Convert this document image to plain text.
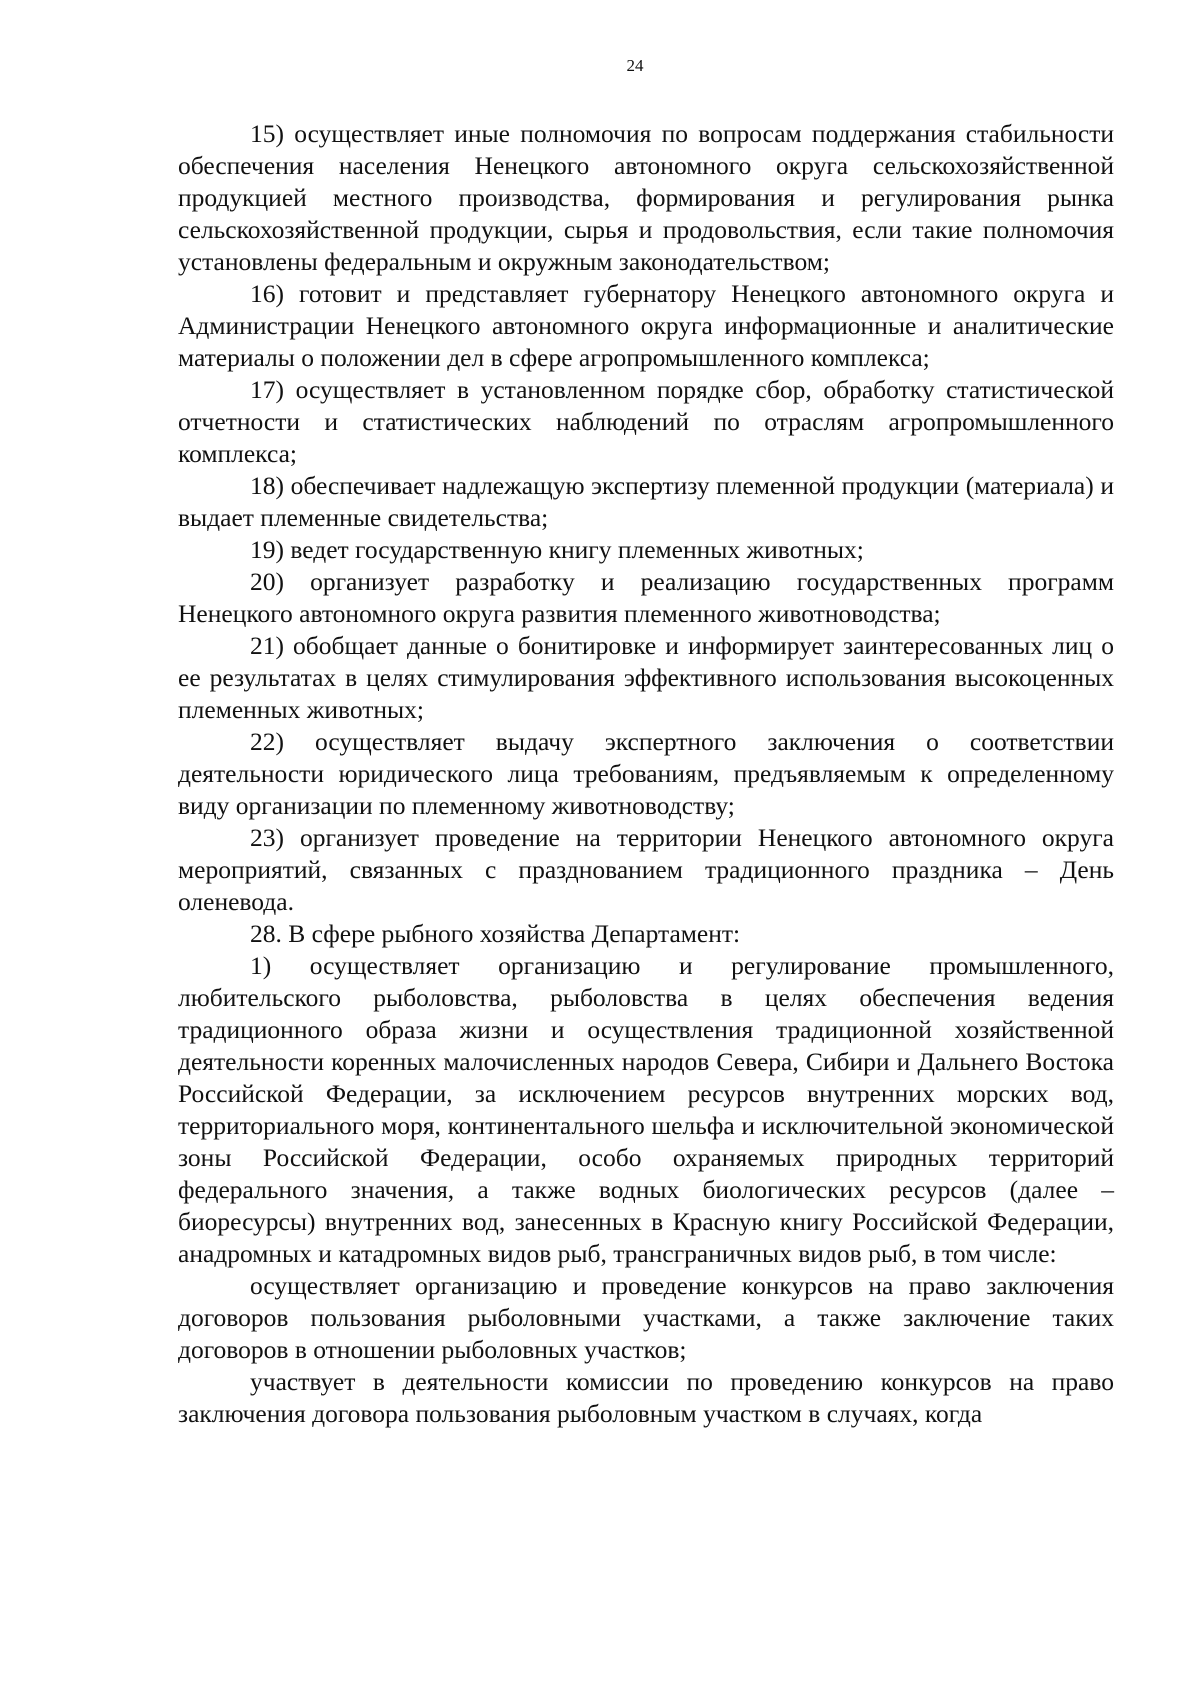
24

15) осуществляет иные полномочия по вопросам поддержания стабильности обеспечения населения Ненецкого автономного округа сельскохозяйственной продукцией местного производства, формирования и регулирования рынка сельскохозяйственной продукции, сырья и продовольствия, если такие полномочия установлены федеральным и окружным законодательством;

16) готовит и представляет губернатору Ненецкого автономного округа и Администрации Ненецкого автономного округа информационные и аналитические материалы о положении дел в сфере агропромышленного комплекса;

17) осуществляет в установленном порядке сбор, обработку статистической отчетности и статистических наблюдений по отраслям агропромышленного комплекса;

18) обеспечивает надлежащую экспертизу племенной продукции (материала) и выдает племенные свидетельства;

19) ведет государственную книгу племенных животных;

20) организует разработку и реализацию государственных программ Ненецкого автономного округа развития племенного животноводства;

21) обобщает данные о бонитировке и информирует заинтересованных лиц о ее результатах в целях стимулирования эффективного использования высокоценных племенных животных;

22) осуществляет выдачу экспертного заключения о соответствии деятельности юридического лица требованиям, предъявляемым к определенному виду организации по племенному животноводству;

23) организует проведение на территории Ненецкого автономного округа мероприятий, связанных с празднованием традиционного праздника – День оленевода.

28. В сфере рыбного хозяйства Департамент:

1) осуществляет организацию и регулирование промышленного, любительского рыболовства, рыболовства в целях обеспечения ведения традиционного образа жизни и осуществления традиционной хозяйственной деятельности коренных малочисленных народов Севера, Сибири и Дальнего Востока Российской Федерации, за исключением ресурсов внутренних морских вод, территориального моря, континентального шельфа и исключительной экономической зоны Российской Федерации, особо охраняемых природных территорий федерального значения, а также водных биологических ресурсов (далее – биоресурсы) внутренних вод, занесенных в Красную книгу Российской Федерации, анадромных и катадромных видов рыб, трансграничных видов рыб, в том числе:

осуществляет организацию и проведение конкурсов на право заключения договоров пользования рыболовными участками, а также заключение таких договоров в отношении рыболовных участков;

участвует в деятельности комиссии по проведению конкурсов на право заключения договора пользования рыболовным участком в случаях, когда
